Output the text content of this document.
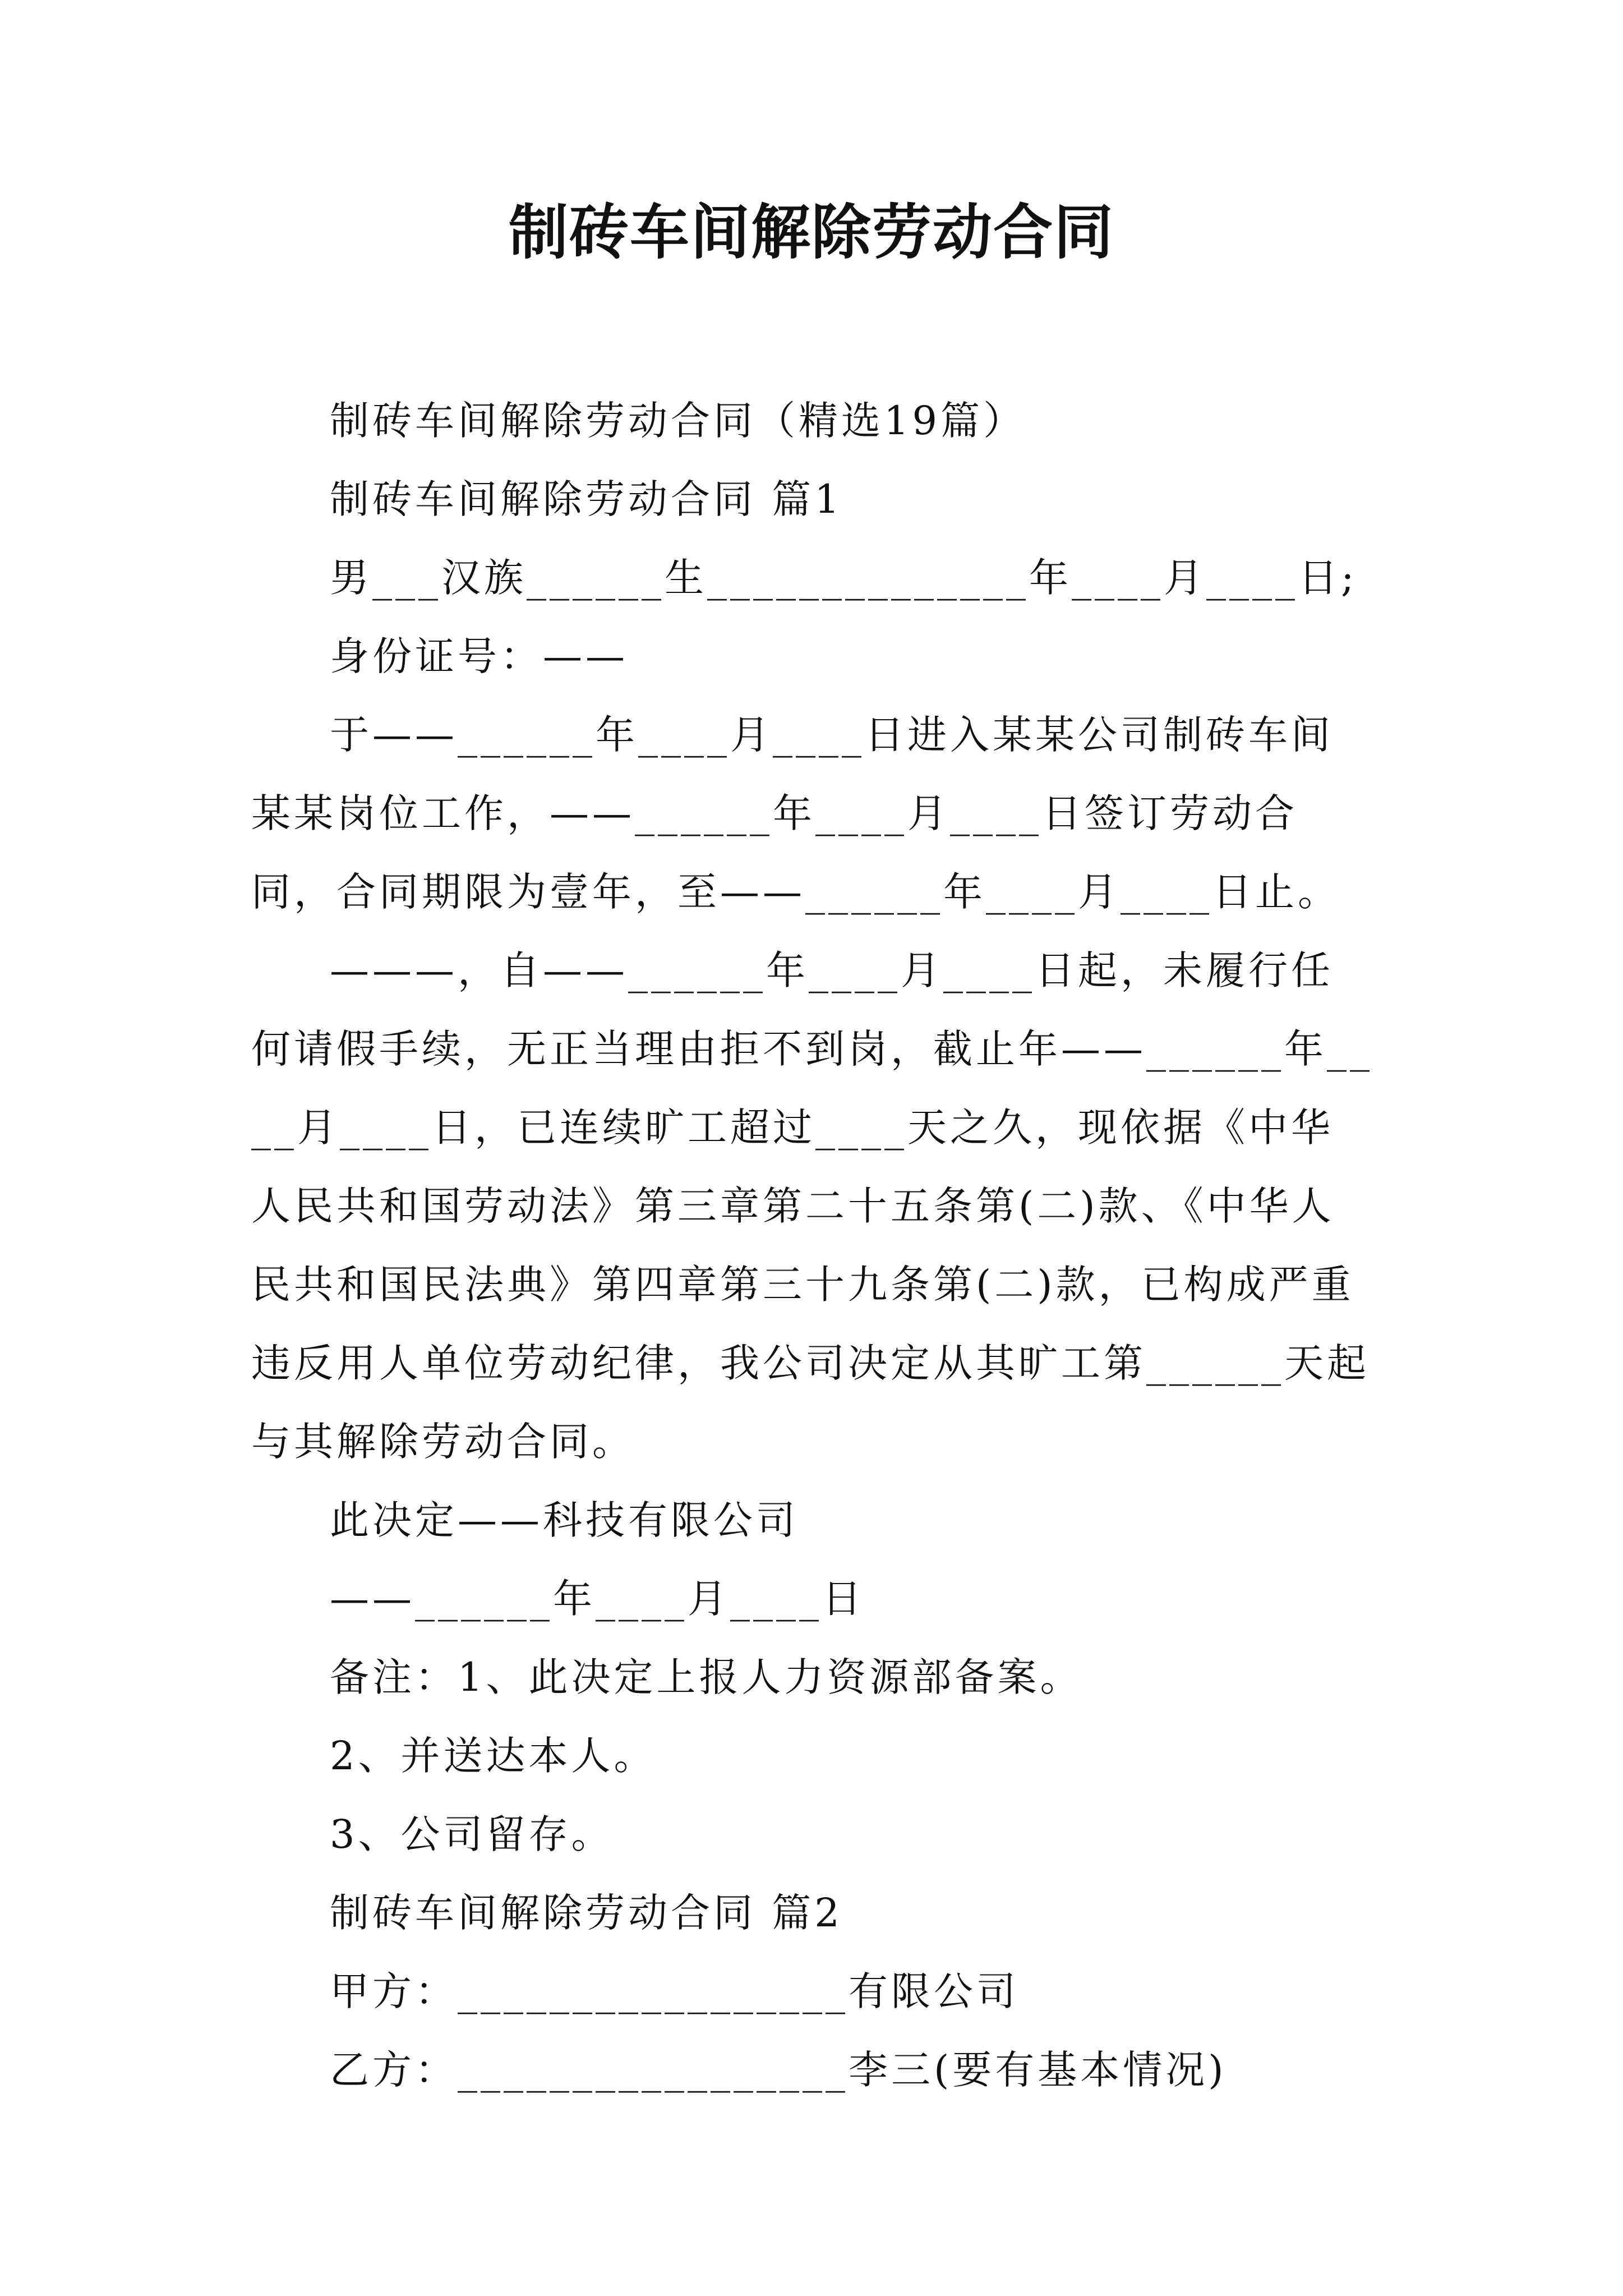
制砖车间解除劳动合同

制砖车间解除劳动合同（精选19篇）

制砖车间解除劳动合同 篇1

男___汉族______生______________年____月____日;

身份证号：——

于——______年____月____日进入某某公司制砖车间某某岗位工作，——______年____月____日签订劳动合同，合同期限为壹年，至——______年____月____日止。

———，自——______年____月____日起，未履行任何请假手续，无正当理由拒不到岗，截止年——______年____月____日，已连续旷工超过____天之久，现依据《中华人民共和国劳动法》第三章第二十五条第(二)款、《中华人民共和国民法典》第四章第三十九条第(二)款，已构成严重违反用人单位劳动纪律，我公司决定从其旷工第______天起与其解除劳动合同。

此决定——科技有限公司

——______年____月____日

备注：1、此决定上报人力资源部备案。

2、并送达本人。

3、公司留存。

制砖车间解除劳动合同 篇2

甲方：_________________有限公司

乙方：_________________李三(要有基本情况)
